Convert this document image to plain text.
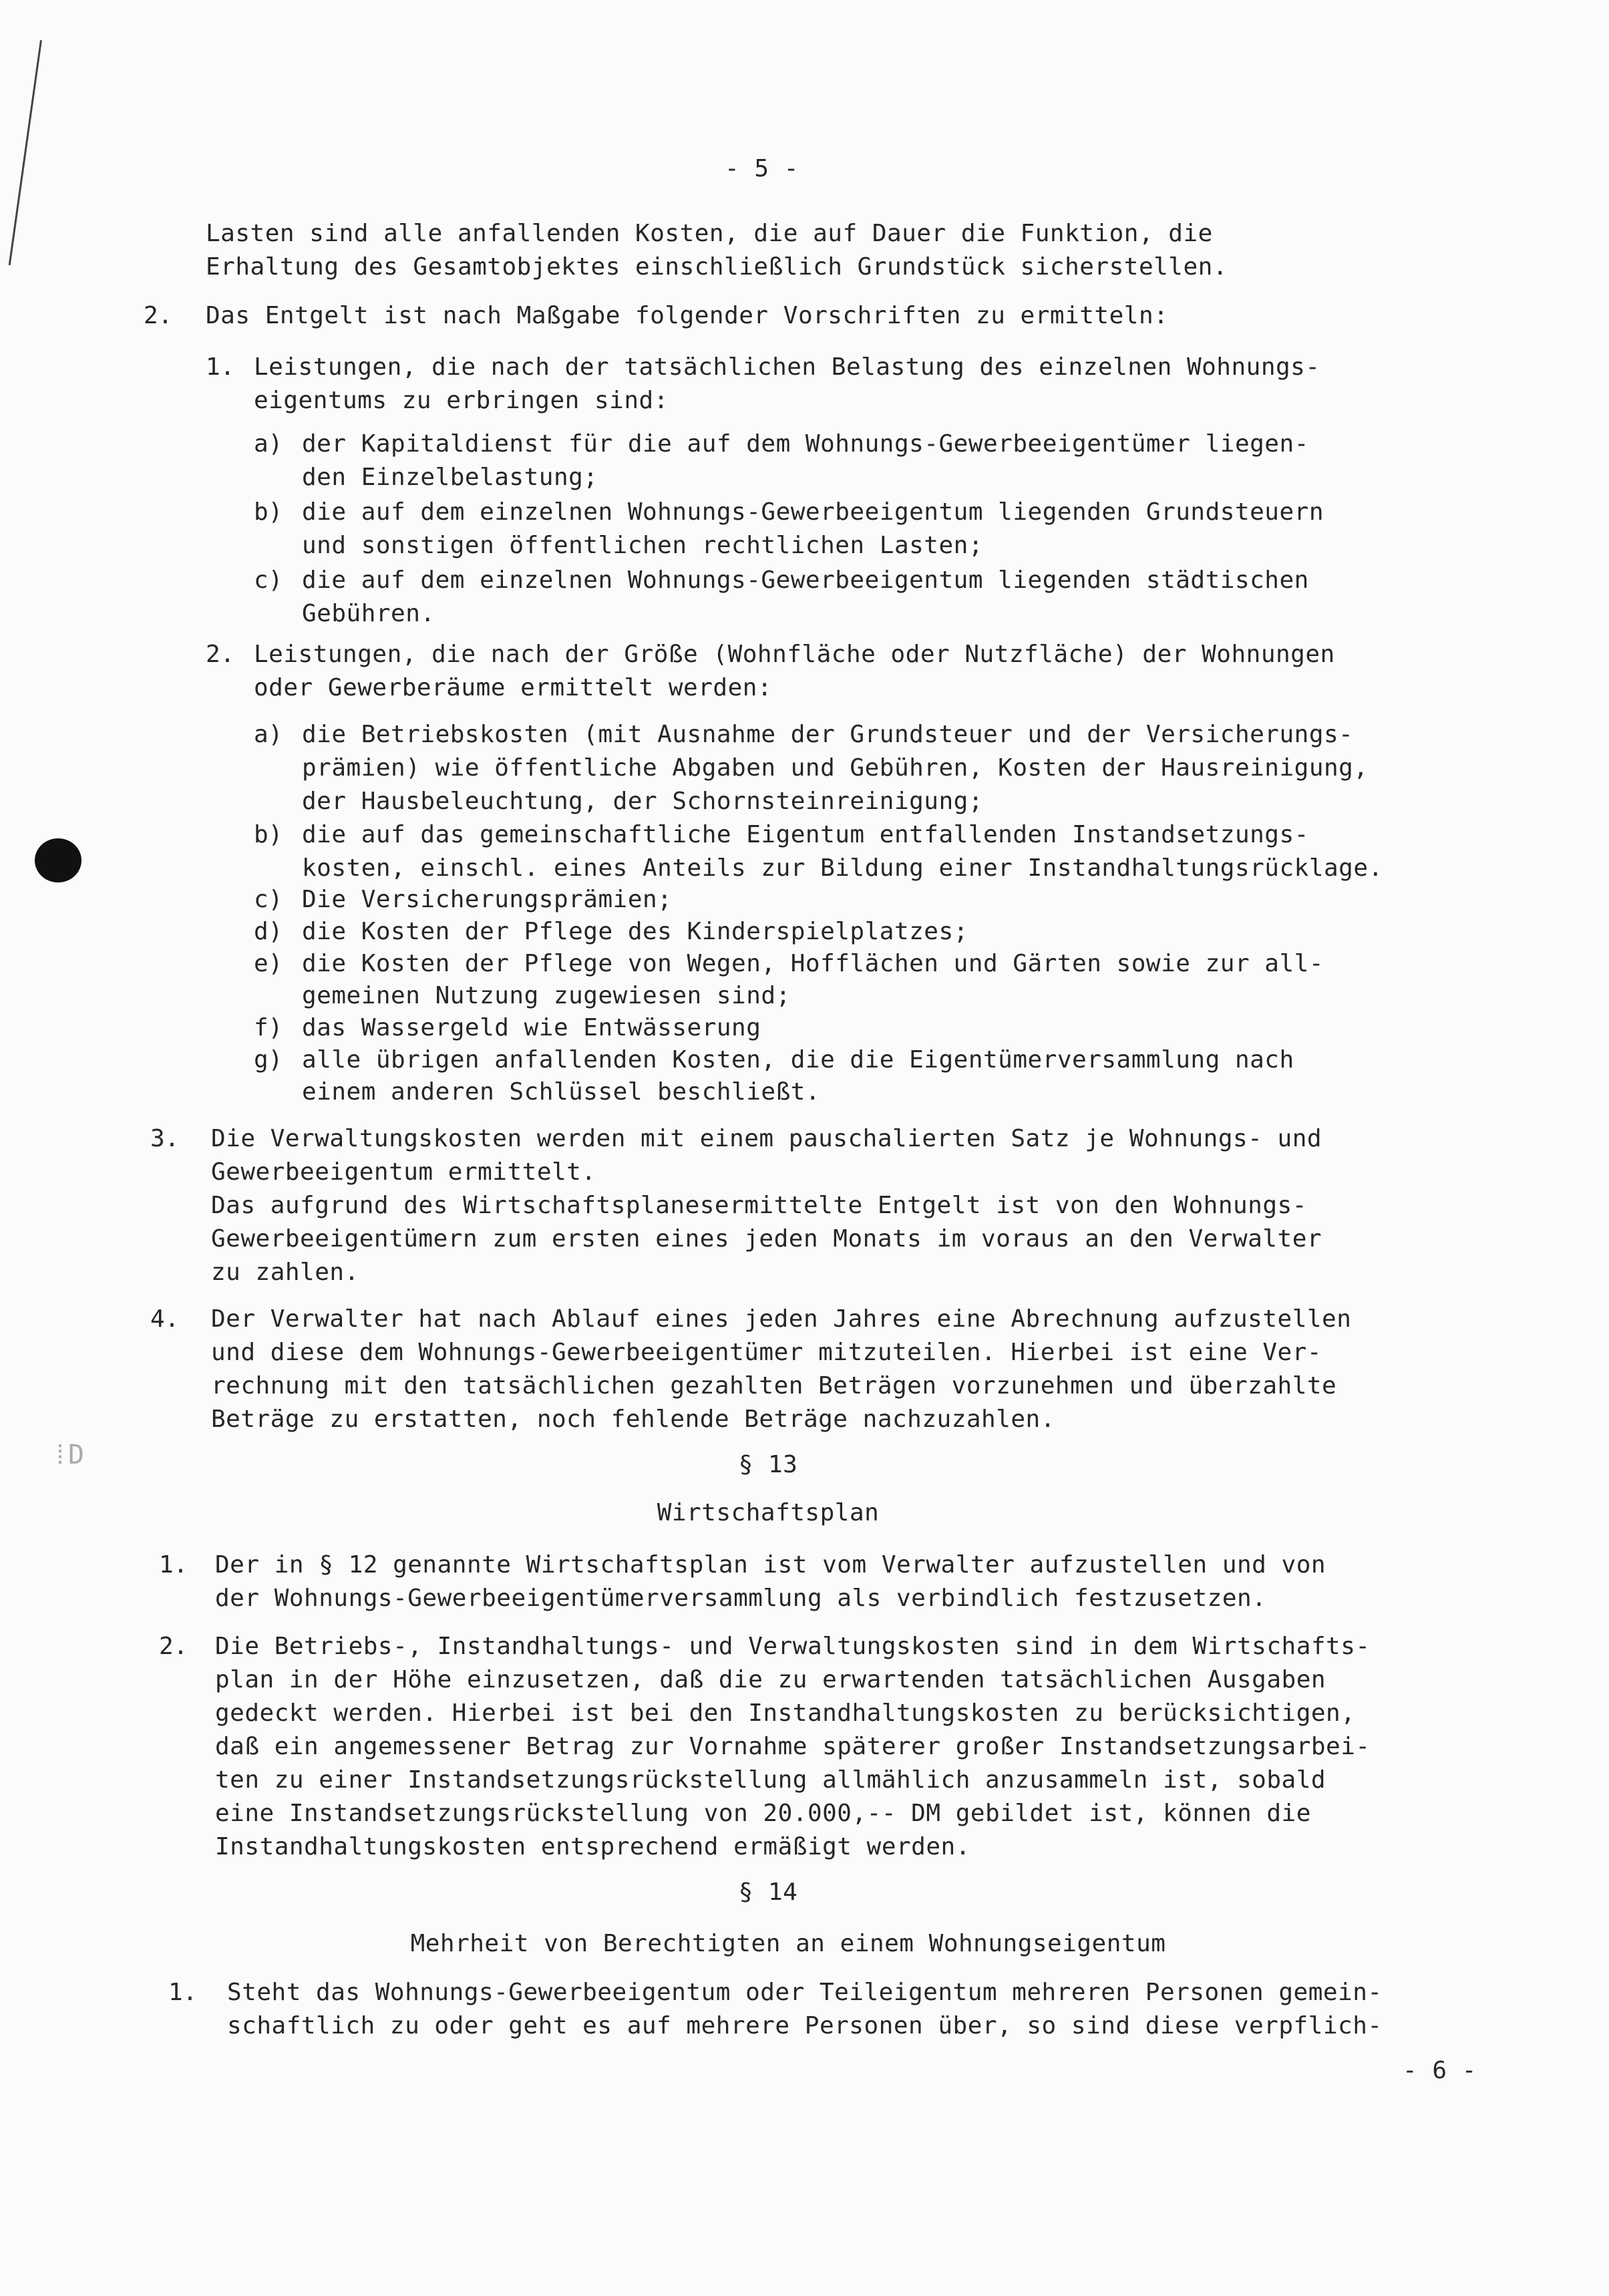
⁞D
- 5 -
Lasten sind alle anfallenden Kosten, die auf Dauer die Funktion, die
Erhaltung des Gesamtobjektes einschließlich Grundstück sicherstellen.
2. Das Entgelt ist nach Maßgabe folgender Vorschriften zu ermitteln:
1. Leistungen, die nach der tatsächlichen Belastung des einzelnen Wohnungs-
eigentums zu erbringen sind:
a) der Kapitaldienst für die auf dem Wohnungs-Gewerbeeigentümer liegen-
den Einzelbelastung;
b) die auf dem einzelnen Wohnungs-Gewerbeeigentum liegenden Grundsteuern
und sonstigen öffentlichen rechtlichen Lasten;
c) die auf dem einzelnen Wohnungs-Gewerbeeigentum liegenden städtischen
Gebühren.
2. Leistungen, die nach der Größe (Wohnfläche oder Nutzfläche) der Wohnungen
oder Gewerberäume ermittelt werden:
a) die Betriebskosten (mit Ausnahme der Grundsteuer und der Versicherungs-
prämien) wie öffentliche Abgaben und Gebühren, Kosten der Hausreinigung,
der Hausbeleuchtung, der Schornsteinreinigung;
b) die auf das gemeinschaftliche Eigentum entfallenden Instandsetzungs-
kosten, einschl. eines Anteils zur Bildung einer Instandhaltungsrücklage.
c) Die Versicherungsprämien;
d) die Kosten der Pflege des Kinderspielplatzes;
e) die Kosten der Pflege von Wegen, Hofflächen und Gärten sowie zur all-
gemeinen Nutzung zugewiesen sind;
f) das Wassergeld wie Entwässerung
g) alle übrigen anfallenden Kosten, die die Eigentümerversammlung nach
einem anderen Schlüssel beschließt.
3. Die Verwaltungskosten werden mit einem pauschalierten Satz je Wohnungs- und
Gewerbeeigentum ermittelt.
Das aufgrund des Wirtschaftsplanesermittelte Entgelt ist von den Wohnungs-
Gewerbeeigentümern zum ersten eines jeden Monats im voraus an den Verwalter
zu zahlen.
4. Der Verwalter hat nach Ablauf eines jeden Jahres eine Abrechnung aufzustellen
und diese dem Wohnungs-Gewerbeeigentümer mitzuteilen. Hierbei ist eine Ver-
rechnung mit den tatsächlichen gezahlten Beträgen vorzunehmen und überzahlte
Beträge zu erstatten, noch fehlende Beträge nachzuzahlen.
§ 13
Wirtschaftsplan
1. Der in § 12 genannte Wirtschaftsplan ist vom Verwalter aufzustellen und von
der Wohnungs-Gewerbeeigentümerversammlung als verbindlich festzusetzen.
2. Die Betriebs-, Instandhaltungs- und Verwaltungskosten sind in dem Wirtschafts-
plan in der Höhe einzusetzen, daß die zu erwartenden tatsächlichen Ausgaben
gedeckt werden. Hierbei ist bei den Instandhaltungskosten zu berücksichtigen,
daß ein angemessener Betrag zur Vornahme späterer großer Instandsetzungsarbei-
ten zu einer Instandsetzungsrückstellung allmählich anzusammeln ist, sobald
eine Instandsetzungsrückstellung von 20.000,-- DM gebildet ist, können die
Instandhaltungskosten entsprechend ermäßigt werden.
§ 14
Mehrheit von Berechtigten an einem Wohnungseigentum
1. Steht das Wohnungs-Gewerbeeigentum oder Teileigentum mehreren Personen gemein-
schaftlich zu oder geht es auf mehrere Personen über, so sind diese verpflich-
- 6 -
